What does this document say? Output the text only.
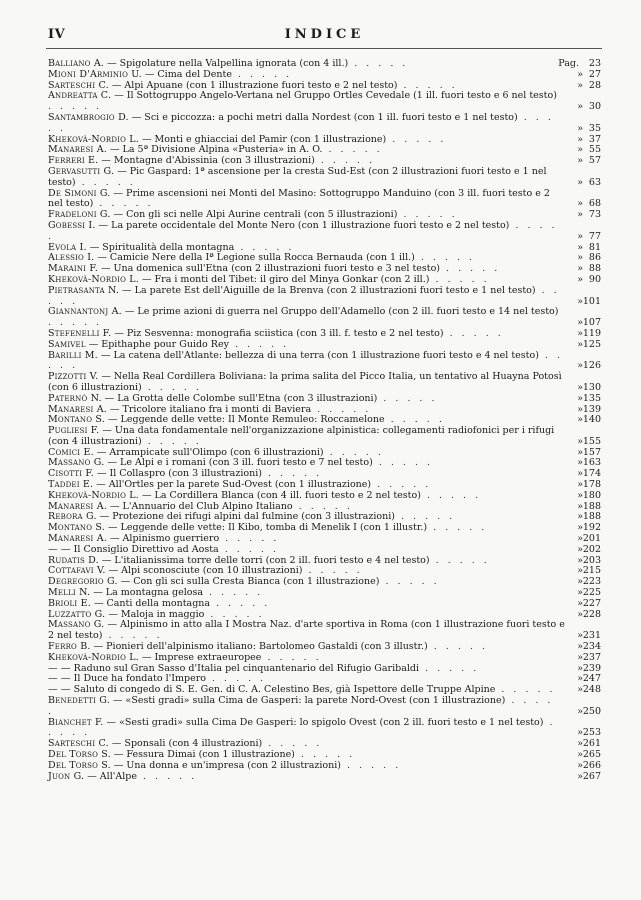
IV	INDICE
Balliano A. — Spigolature nella Valpellina ignorata (con 4 ill.) . . . . .	Pag.	23
Mioni D'Arminio U. — Cima del Dente . . . . .	» 27
Sarteschi C. — Alpi Apuane (con 1 illustrazione fuori testo e 2 nel testo) . . . . .	» 28
Andreatta C. — Il Sottogruppo Angelo-Vertana nel Gruppo Ortles Cevedale (1 ill. fuori testo e 6 nel testo) . . . . .	» 30
Santambrogio D. — Sci e piccozza: a pochi metri dalla Nordest (con 1 ill. fuori testo e 1 nel testo) . . . . .	» 35
Khekovà-Nordio L. — Monti e ghiacciai del Pamir (con 1 illustrazione) . . . . .	» 37
Manaresi A. — La 5ª Divisione Alpina «Pusteria» in A. O. . . . . .	» 55
Ferreri E. — Montagne d'Abissinia (con 3 illustrazioni) . . . . .	» 57
Gervasutti G. — Pic Gaspard: 1ª ascensione per la cresta Sud-Est (con 2 illustrazioni fuori testo e 1 nel testo) . . . . .	» 63
De Simoni G. — Prime ascensioni nei Monti del Masino: Sottogruppo Manduino (con 3 ill. fuori testo e 2 nel testo) . . . . .	» 68
Fradeloni G. — Con gli sci nelle Alpi Aurine centrali (con 5 illustrazioni) . . . . .	» 73
Gobessi I. — La parete occidentale del Monte Nero (con 1 illustrazione fuori testo e 2 nel testo) . . . . .	» 77
Evola I. — Spiritualità della montagna . . . . .	» 81
Alessio I. — Camicie Nere della Iª Legione sulla Rocca Bernauda (con 1 ill.) . . . . .	» 86
Maraini F. — Una domenica sull'Etna (con 2 illustrazioni fuori testo e 3 nel testo) . . . . .	» 88
Khekovà-Nordio L. — Fra i monti del Tibet: il giro del Minya Gonkar (con 2 ill.) . . . . .	» 90
Pietrasanta N. — La parete Est dell'Aiguille de la Brenva (con 2 illustrazioni fuori testo e 1 nel testo) . . . . .	» 101
Giannantonj A. — Le prime azioni di guerra nel Gruppo dell'Adamello (con 2 ill. fuori testo e 14 nel testo) . . . . .	» 107
Stefenelli F. — Piz Sesvenna: monografia sciistica (con 3 ill. f. testo e 2 nel testo) . . . . .	» 119
Samivel — Epithaphe pour Guido Rey . . . . .	» 125
Barilli M. — La catena dell'Atlante: bellezza di una terra (con 1 illustrazione fuori testo e 4 nel testo) . . . . .	» 126
Pizzotti V. — Nella Real Cordillera Boliviana: la prima salita del Picco Italia, un tentativo al Huayna Potosì (con 6 illustrazioni) . . . . .	» 130
Paternò N. — La Grotta delle Colombe sull'Etna (con 3 illustrazioni) . . . . .	» 135
Manaresi A. — Tricolore italiano fra i monti di Baviera . . . . .	» 139
Montano S. — Leggende delle vette: Il Monte Remuleo: Roccamelone . . . . .	» 140
Pugliesi F. — Una data fondamentale nell'organizzazione alpinistica: collegamenti radiofonici per i rifugi (con 4 illustrazioni) . . . . .	» 155
Comici E. — Arrampicate sull'Olimpo (con 6 illustrazioni) . . . . .	» 157
Massano G. — Le Alpi e i romani (con 3 ill. fuori testo e 7 nel testo) . . . . .	» 163
Cisotti F. — Il Collaspro (con 3 illustrazioni) . . . . .	» 174
Taddei E. — All'Ortles per la parete Sud-Ovest (con 1 illustrazione) . . . . .	» 178
Khekovà-Nordio L. — La Cordillera Blanca (con 4 ill. fuori testo e 2 nel testo) . . . . .	» 180
Manaresi A. — L'Annuario del Club Alpino Italiano . . . . .	» 188
Rebora G. — Protezione dei rifugi alpini dal fulmine (con 3 illustrazioni) . . . . .	» 188
Montano S. — Leggende delle vette: Il Kibo, tomba di Menelik I (con 1 illustr.) . . . . .	» 192
Manaresi A. — Alpinismo guerriero . . . . .	» 201
— — Il Consiglio Direttivo ad Aosta . . . . .	» 202
Rudatis D. — L'italianissima torre delle torri (con 2 ill. fuori testo e 4 nel testo) . . . . .	» 203
Cottafavi V. — Alpi sconosciute (con 10 illustrazioni) . . . . .	» 215
Degregorio G. — Con gli sci sulla Cresta Bianca (con 1 illustrazione) . . . . .	» 223
Melli N. — La montagna gelosa . . . . .	» 225
Brioli E. — Canti della montagna . . . . .	» 227
Luzzatto G. — Maloja in maggio . . . . .	» 228
Massano G. — Alpinismo in atto alla I Mostra Naz. d'arte sportiva in Roma (con 1 illustrazione fuori testo e 2 nel testo) . . . . .	» 231
Ferro B. — Pionieri dell'alpinismo italiano: Bartolomeo Gastaldi (con 3 illustr.) . . . . .	» 234
Khekovà-Nordio L. — Imprese extraeuropee . . . . .	» 237
— — Raduno sul Gran Sasso d'Italia pel cinquantenario del Rifugio Garibaldi . . . . .	» 239
— — Il Duce ha fondato l'Impero . . . . .	» 247
— — Saluto di congedo di S. E. Gen. di C. A. Celestino Bes, già Ispettore delle Truppe Alpine . . . . . » 248
Benedetti G. — «Sesti gradi» sulla Cima de Gasperi: la parete Nord-Ovest (con 1 illustrazione) . . . . .	» 250
Bianchet F. — «Sesti gradi» sulla Cima De Gasperi: lo spigolo Ovest (con 2 ill. fuori testo e 1 nel testo) . . . . .	» 253
Sarteschi C. — Sponsali (con 4 illustrazioni) . . . . .	» 261
Del Torso S. — Fessura Dimai (con 1 illustrazione) . . . . .	» 265
Del Torso S. — Una donna e un'impresa (con 2 illustrazioni) . . . . .	» 266
Juon G. — All'Alpe . . . . .	» 267
